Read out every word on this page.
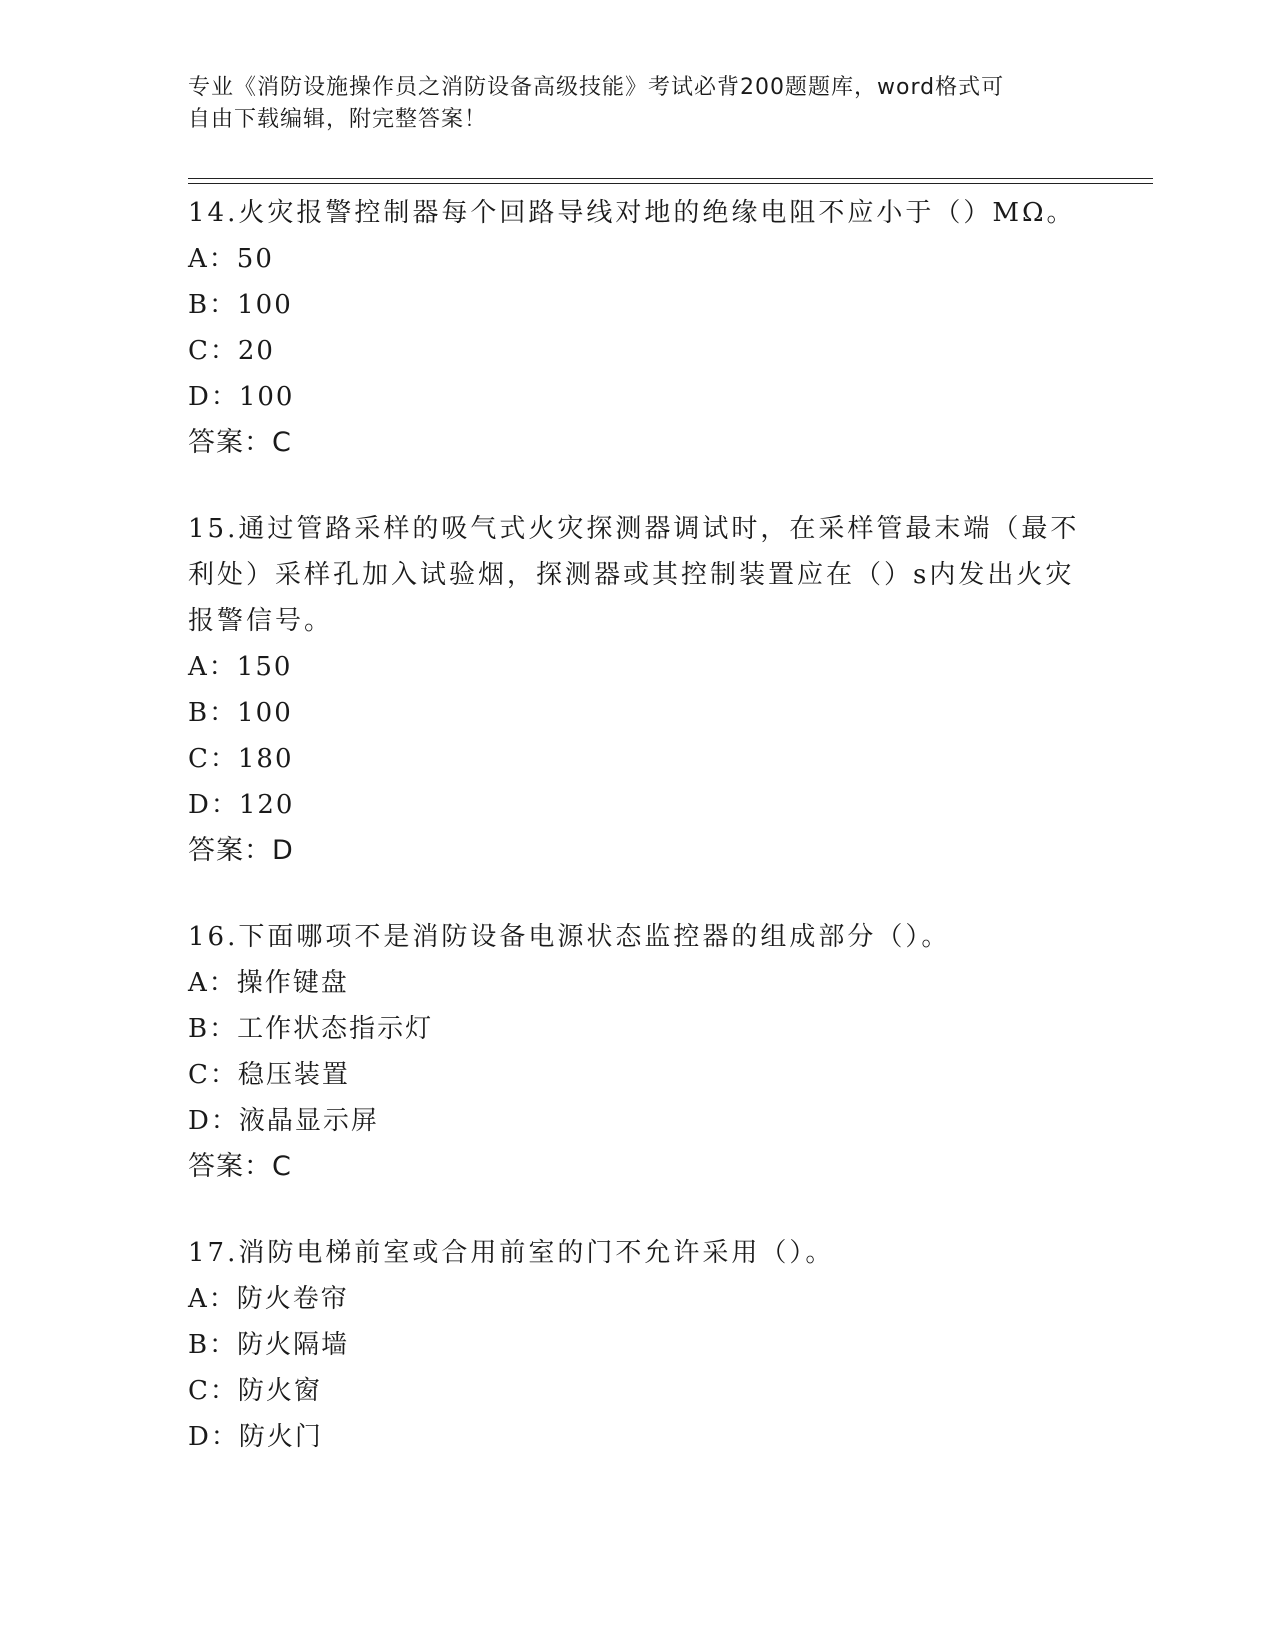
专业《消防设施操作员之消防设备高级技能》考试必背200题题库，word格式可
自由下载编辑，附完整答案！
14.火灾报警控制器每个回路导线对地的绝缘电阻不应小于（）MΩ。
A：50
B：100
C：20
D：100
答案：C
15.通过管路采样的吸气式火灾探测器调试时，在采样管最末端（最不利处）采样孔加入试验烟，探测器或其控制装置应在（）s内发出火灾报警信号。
A：150
B：100
C：180
D：120
答案：D
16.下面哪项不是消防设备电源状态监控器的组成部分（）。
A：操作键盘
B：工作状态指示灯
C：稳压装置
D：液晶显示屏
答案：C
17.消防电梯前室或合用前室的门不允许采用（）。
A：防火卷帘
B：防火隔墙
C：防火窗
D：防火门
